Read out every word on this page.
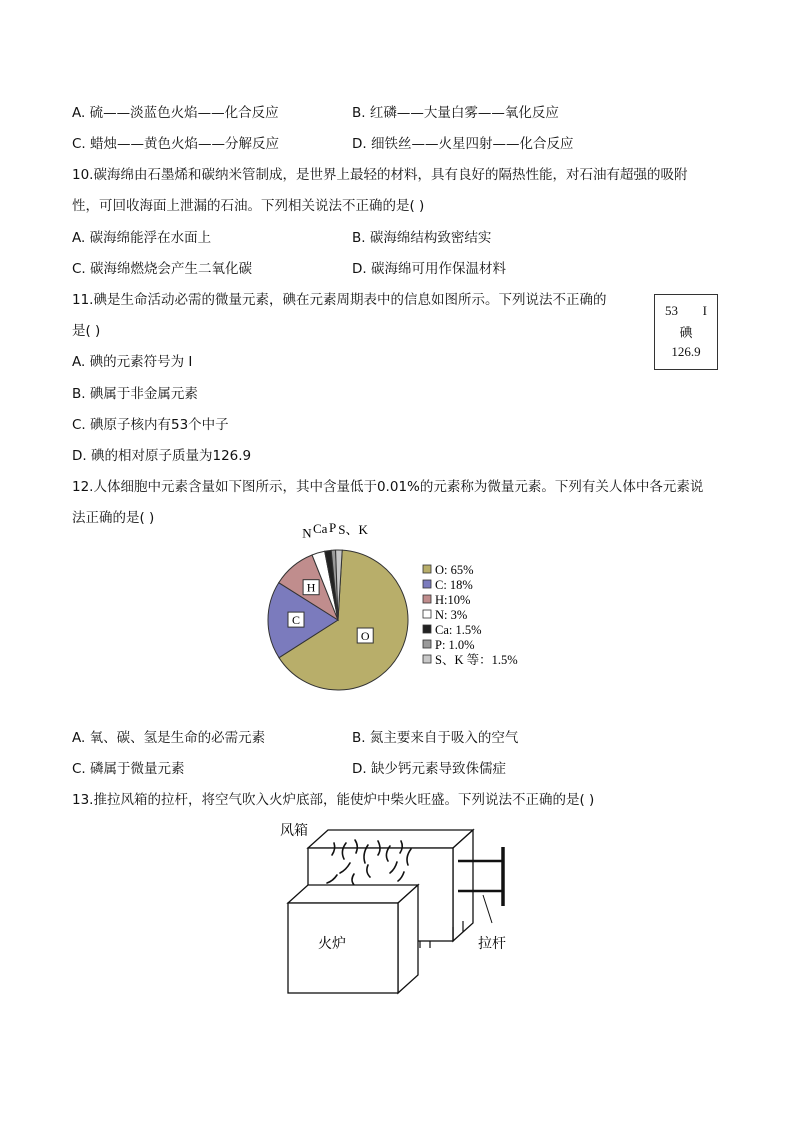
A. 硫——淡蓝色火焰——化合反应	B. 红磷——大量白雾——氧化反应
C. 蜡烛——黄色火焰——分解反应	D. 细铁丝——火星四射——化合反应
10.碳海绵由石墨烯和碳纳米管制成，是世界上最轻的材料，具有良好的隔热性能，对石油有超强的吸附
性，可回收海面上泄漏的石油。下列相关说法不正确的是( )
A. 碳海绵能浮在水面上	B. 碳海绵结构致密结实
C. 碳海绵燃烧会产生二氧化碳	D. 碳海绵可用作保温材料
11.碘是生命活动必需的微量元素，碘在元素周期表中的信息如图所示。下列说法不正确的
是( )
A. 碘的元素符号为 I
B. 碘属于非金属元素
C. 碘原子核内有53个中子
D. 碘的相对原子质量为126.9
53 I
碘
126.9
12.人体细胞中元素含量如下图所示，其中含量低于0.01%的元素称为微量元素。下列有关人体中各元素说
法正确的是( )
O
C
H
N Ca P S、K
O: 65%
C: 18%
H:10%
N: 3%
Ca: 1.5%
P: 1.0%
S、K 等：1.5%
A. 氧、碳、氢是生命的必需元素	B. 氮主要来自于吸入的空气
C. 磷属于微量元素	D. 缺少钙元素导致侏儒症
13.推拉风箱的拉杆，将空气吹入火炉底部，能使炉中柴火旺盛。下列说法不正确的是( )
风箱
火炉	拉杆
